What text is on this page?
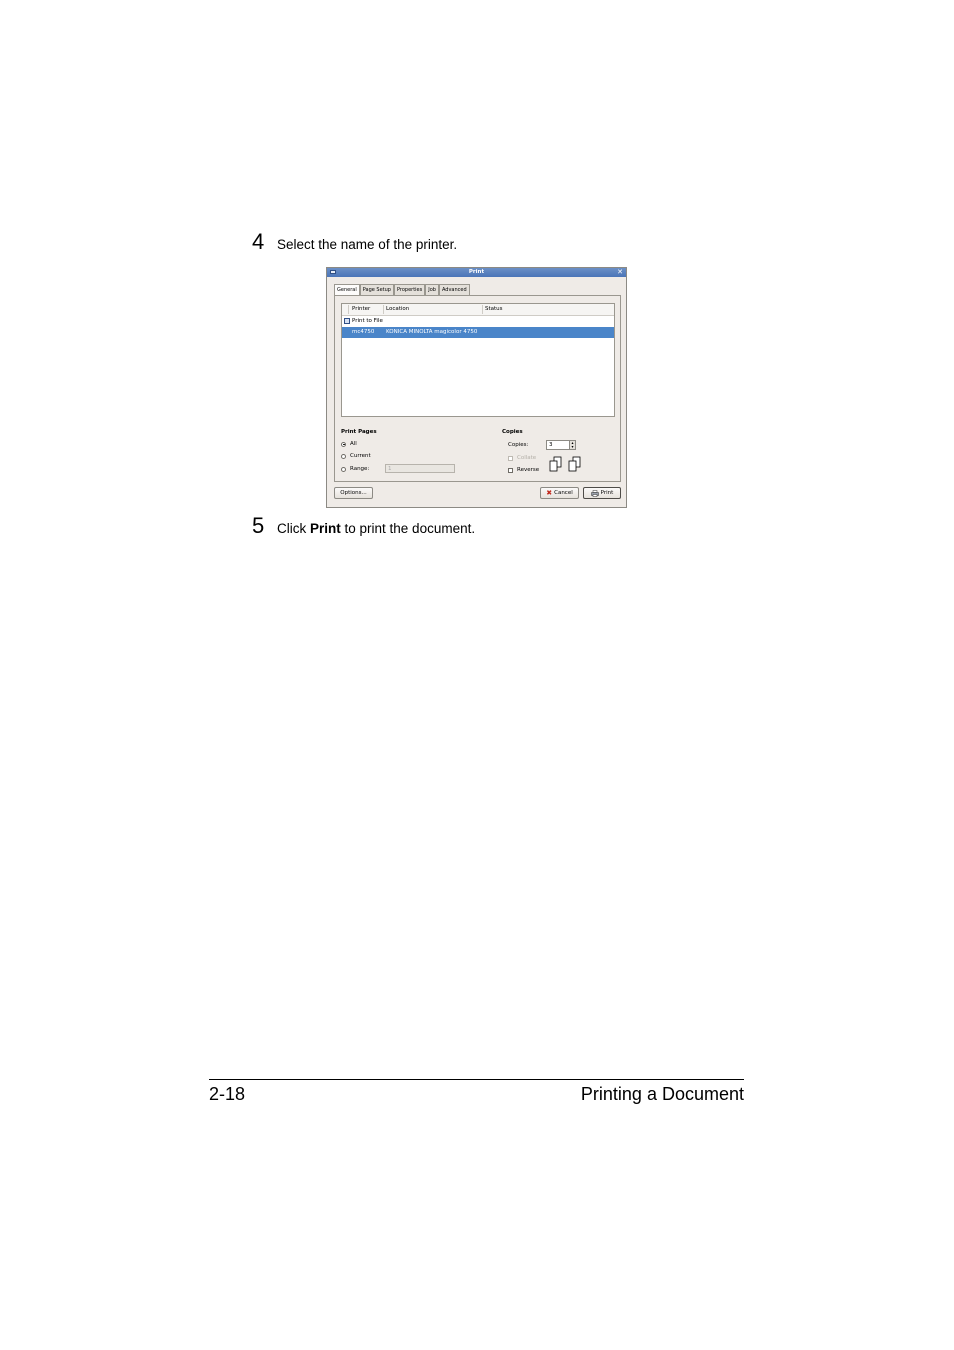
4 Select the name of the printer.
Print	✕
General	Page Setup	Properties	Job	Advanced
Printer	Location	Status
Print to File
mc4750 KONICA MINOLTA magicolor 4750
Print Pages
All
Current
Range:	1
Copies
Copies:	3	▴
▾
Collate
Reverse
Options...	✖ Cancel	Print
5 Click Print to print the document.
2-18	Printing a Document
